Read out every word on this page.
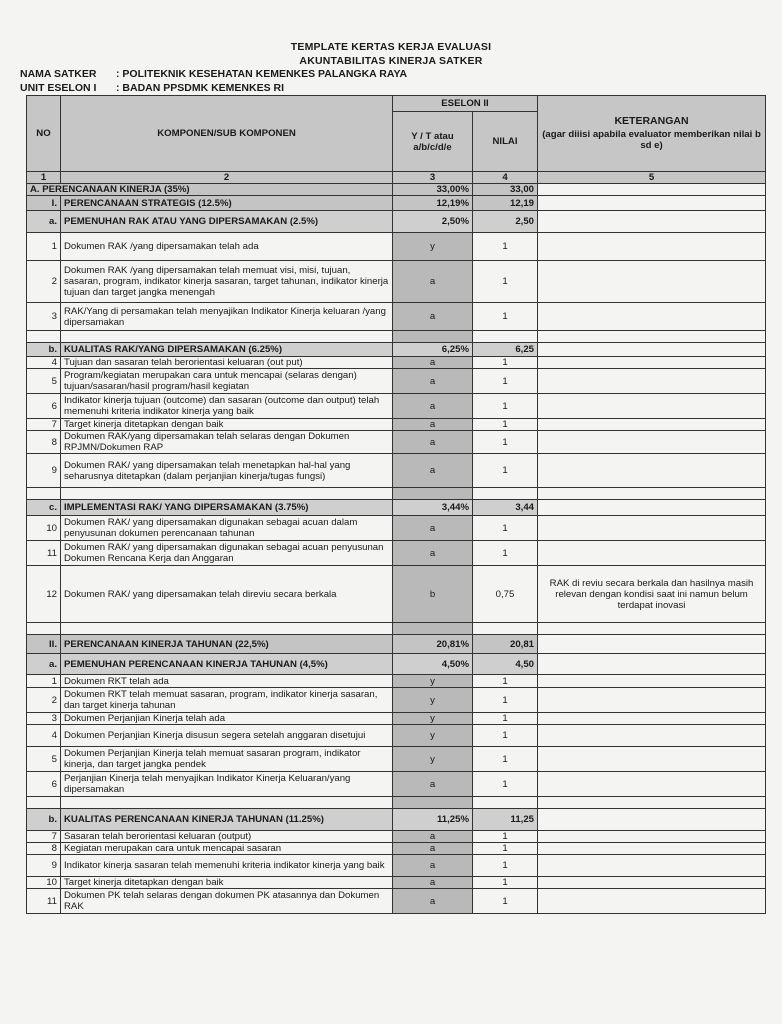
TEMPLATE KERTAS KERJA EVALUASI
AKUNTABILITAS KINERJA SATKER
NAMA SATKER : POLITEKNIK KESEHATAN KEMENKES PALANGKA RAYA
UNIT ESELON I : BADAN PPSDMK KEMENKES RI
NO	KOMPONEN/SUB KOMPONEN	ESELON II		KETERANGAN
(agar diiisi apabila evaluator memberikan nilai b sd e)

		Y / T atau a/b/c/d/e	NILAI	
1	2	3	4	5
A. PERENCANAAN KINERJA (35%)		33,00%	33,00	
I.	PERENCANAAN STRATEGIS (12.5%)	12,19%	12,19	
a.	PEMENUHAN RAK ATAU YANG DIPERSAMAKAN (2.5%)	2,50%	2,50	
1	Dokumen RAK /yang dipersamakan telah ada	y	1	
2	Dokumen RAK /yang dipersamakan telah memuat visi, misi, tujuan, sasaran, program, indikator kinerja sasaran, target tahunan, indikator kinerja tujuan dan target jangka menengah	a	1	
3	RAK/Yang di persamakan telah menyajikan Indikator Kinerja keluaran /yang dipersamakan	a	1	

b.	KUALITAS RAK/YANG DIPERSAMAKAN (6.25%)	6,25%	6,25	
4	Tujuan dan sasaran telah berorientasi keluaran (out put)	a	1	
5	Program/kegiatan merupakan cara untuk mencapai (selaras dengan) tujuan/sasaran/hasil program/hasil kegiatan	a	1	
6	Indikator kinerja tujuan (outcome) dan sasaran (outcome dan output) telah memenuhi kriteria indikator kinerja yang baik	a	1	
7	Target kinerja ditetapkan dengan baik	a	1	
8	Dokumen RAK/yang dipersamakan telah selaras dengan Dokumen RPJMN/Dokumen RAP	a	1	
9	Dokumen RAK/ yang dipersamakan telah menetapkan hal-hal yang seharusnya ditetapkan (dalam perjanjian kinerja/tugas fungsi)	a	1	

c.	IMPLEMENTASI RAK/ YANG DIPERSAMAKAN (3.75%)	3,44%	3,44	
10	Dokumen RAK/ yang dipersamakan digunakan sebagai acuan dalam penyusunan dokumen perencanaan tahunan	a	1	
11	Dokumen RAK/ yang dipersamakan digunakan sebagai acuan penyusunan Dokumen Rencana Kerja dan Anggaran	a	1	
12	Dokumen RAK/ yang dipersamakan telah direviu secara berkala	b	0,75	RAK di reviu secara berkala dan hasilnya masih relevan dengan kondisi saat ini namun belum terdapat inovasi

II.	PERENCANAAN KINERJA TAHUNAN (22,5%)	20,81%	20,81	
a.	PEMENUHAN PERENCANAAN KINERJA TAHUNAN (4,5%)	4,50%	4,50	
1	Dokumen RKT telah ada	y	1	
2	Dokumen RKT telah memuat sasaran, program, indikator kinerja sasaran, dan target kinerja tahunan	y	1	
3	Dokumen Perjanjian Kinerja telah ada	y	1	
4	Dokumen Perjanjian Kinerja disusun segera setelah anggaran disetujui	y	1	
5	Dokumen Perjanjian Kinerja telah memuat sasaran program, indikator kinerja, dan target jangka pendek	y	1	
6	Perjanjian Kinerja telah menyajikan Indikator Kinerja Keluaran/yang dipersamakan	a	1	

b.	KUALITAS PERENCANAAN KINERJA TAHUNAN (11.25%)	11,25%	11,25	
7	Sasaran telah berorientasi keluaran (output)	a	1	
8	Kegiatan merupakan cara untuk mencapai sasaran	a	1	
9	Indikator kinerja sasaran telah memenuhi kriteria indikator kinerja yang baik	a	1	
10	Target kinerja ditetapkan dengan baik	a	1	
11	Dokumen PK telah selaras dengan dokumen PK atasannya dan Dokumen RAK	a	1	
